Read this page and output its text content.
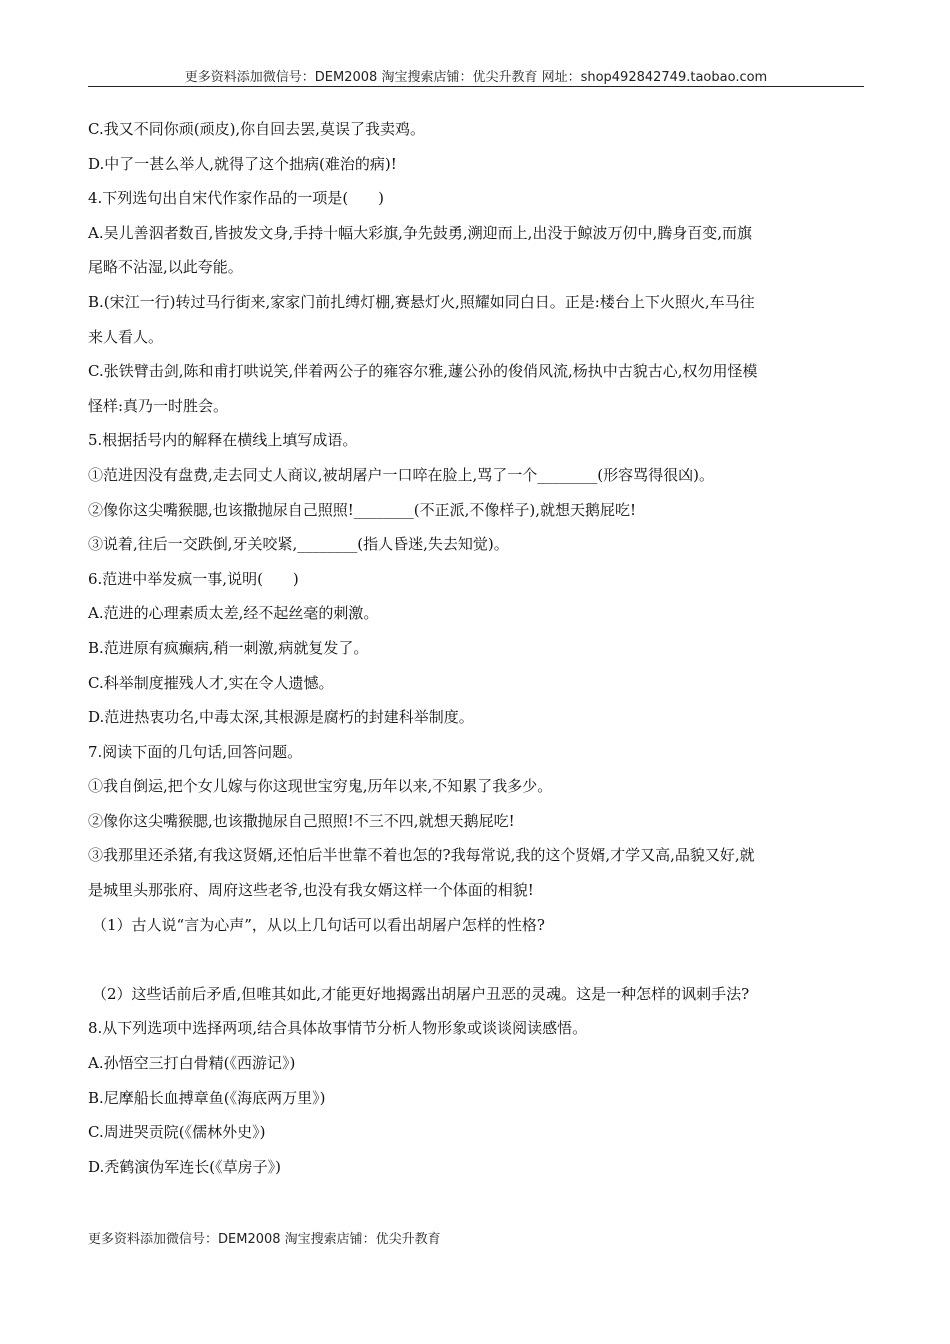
更多资料添加微信号：DEM2008 淘宝搜索店铺：优尖升教育 网址：shop492842749.taobao.com
C.我又不同你顽(顽皮),你自回去罢,莫误了我卖鸡。
D.中了一甚么举人,就得了这个拙病(难治的病)!
4.下列选句出自宋代作家作品的一项是(　　)
A.吴儿善泅者数百,皆披发文身,手持十幅大彩旗,争先鼓勇,溯迎而上,出没于鲸波万仞中,腾身百变,而旗
尾略不沾湿,以此夸能。
B.(宋江一行)转过马行街来,家家门前扎缚灯棚,赛悬灯火,照耀如同白日。正是:楼台上下火照火,车马往
来人看人。
C.张铁臂击剑,陈和甫打哄说笑,伴着两公子的雍容尔雅,蘧公孙的俊俏风流,杨执中古貌古心,权勿用怪模
怪样:真乃一时胜会。
5.根据括号内的解释在横线上填写成语。
①范进因没有盘费,走去同丈人商议,被胡屠户一口啐在脸上,骂了一个________(形容骂得很凶)。
②像你这尖嘴猴腮,也该撒抛尿自己照照!________(不正派,不像样子),就想天鹅屁吃!
③说着,往后一交跌倒,牙关咬紧,________(指人昏迷,失去知觉)。
6.范进中举发疯一事,说明(　　)
A.范进的心理素质太差,经不起丝毫的刺激。
B.范进原有疯癫病,稍一刺激,病就复发了。
C.科举制度摧残人才,实在令人遗憾。
D.范进热衷功名,中毒太深,其根源是腐朽的封建科举制度。
7.阅读下面的几句话,回答问题。
①我自倒运,把个女儿嫁与你这现世宝穷鬼,历年以来,不知累了我多少。
②像你这尖嘴猴腮,也该撒抛尿自己照照!不三不四,就想天鹅屁吃!
③我那里还杀猪,有我这贤婿,还怕后半世靠不着也怎的?我每常说,我的这个贤婿,才学又高,品貌又好,就
是城里头那张府、周府这些老爷,也没有我女婿这样一个体面的相貌!
（1）古人说“言为心声”，从以上几句话可以看出胡屠户怎样的性格?
（2）这些话前后矛盾,但唯其如此,才能更好地揭露出胡屠户丑恶的灵魂。这是一种怎样的讽刺手法?
8.从下列选项中选择两项,结合具体故事情节分析人物形象或谈谈阅读感悟。
A.孙悟空三打白骨精(《西游记》)
B.尼摩船长血搏章鱼(《海底两万里》)
C.周进哭贡院(《儒林外史》)
D.秃鹤演伪军连长(《草房子》)
更多资料添加微信号：DEM2008 淘宝搜索店铺：优尖升教育
